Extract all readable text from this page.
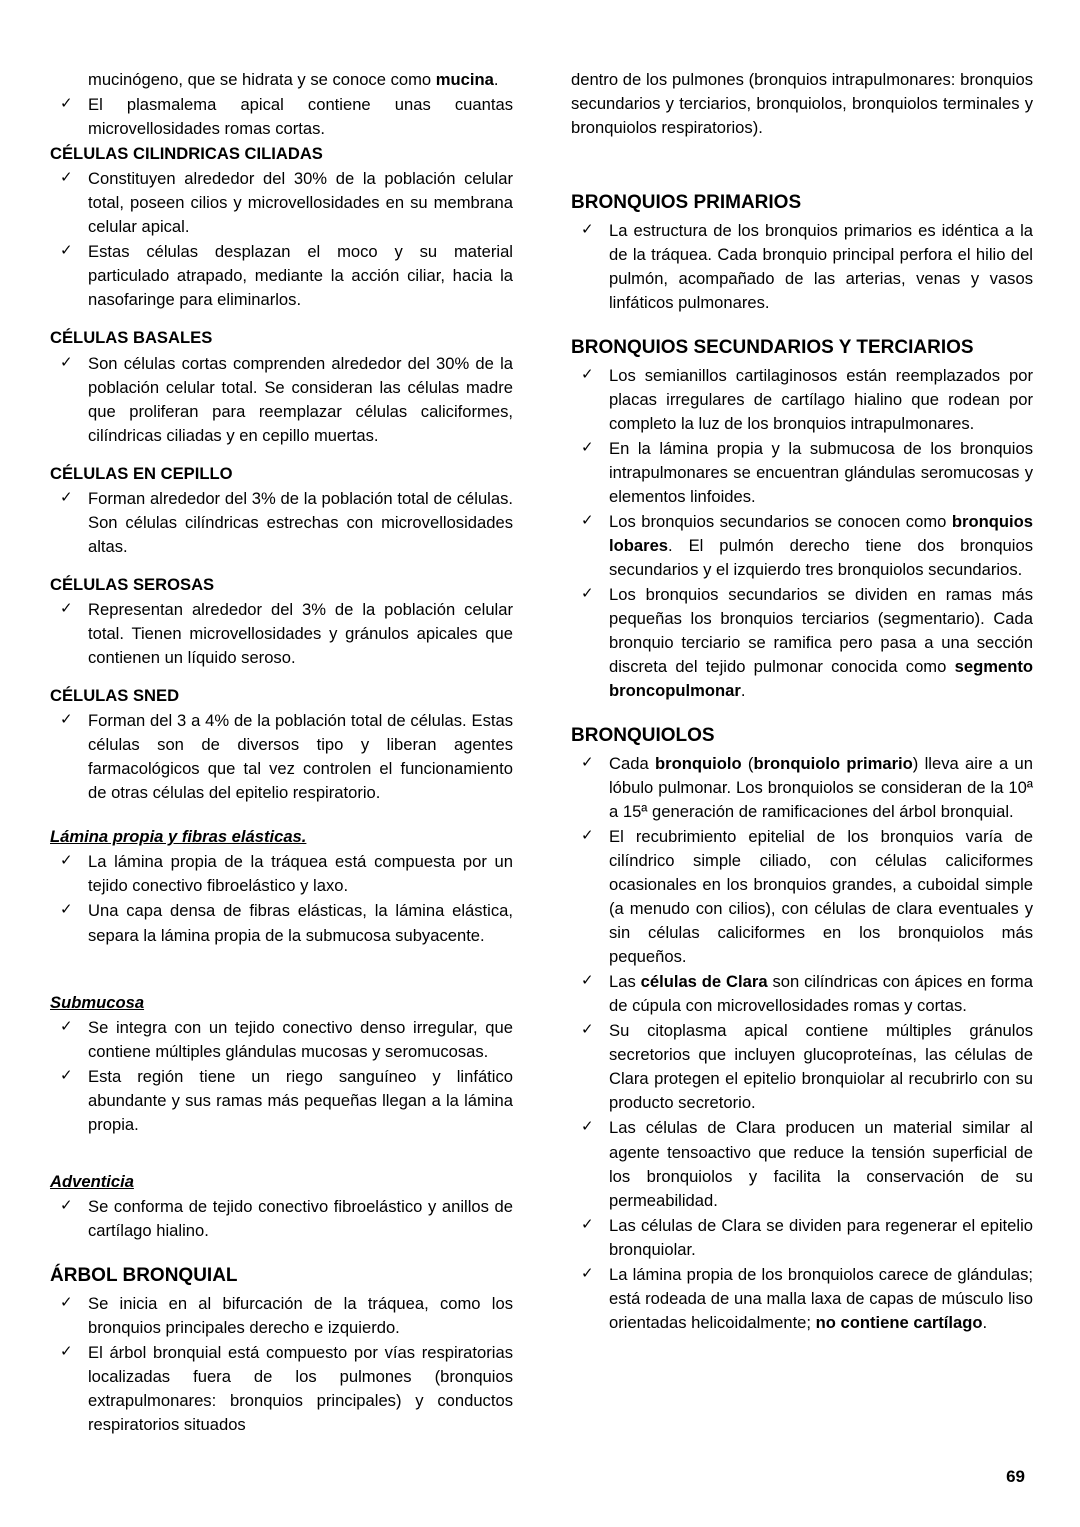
mucinógeno, que se hidrata y se conoce como mucina.
✓ El plasmalema apical contiene unas cuantas microvellosidades romas cortas.
CÉLULAS CILINDRICAS CILIADAS
✓ Constituyen alrededor del 30% de la población celular total, poseen cilios y microvellosidades en su membrana celular apical.
✓ Estas células desplazan el moco y su material particulado atrapado, mediante la acción ciliar, hacia la nasofaringe para eliminarlos.
CÉLULAS BASALES
✓ Son células cortas comprenden alrededor del 30% de la población celular total. Se consideran las células madre que proliferan para reemplazar células caliciformes, cilíndricas ciliadas y en cepillo muertas.
CÉLULAS EN CEPILLO
✓ Forman alrededor del 3% de la población total de células. Son células cilíndricas estrechas con microvellosidades altas.
CÉLULAS SEROSAS
✓ Representan alrededor del 3% de la población celular total. Tienen microvellosidades y gránulos apicales que contienen un líquido seroso.
CÉLULAS SNED
✓ Forman del 3 a 4% de la población total de células. Estas células son de diversos tipo y liberan agentes farmacológicos que tal vez controlen el funcionamiento de otras células del epitelio respiratorio.
Lámina propia y fibras elásticas.
✓ La lámina propia de la tráquea está compuesta por un tejido conectivo fibroelástico y laxo.
✓ Una capa densa de fibras elásticas, la lámina elástica, separa la lámina propia de la submucosa subyacente.
Submucosa
✓ Se integra con un tejido conectivo denso irregular, que contiene múltiples glándulas mucosas y seromucosas.
✓ Esta región tiene un riego sanguíneo y linfático abundante y sus ramas más pequeñas llegan a la lámina propia.
Adventicia
✓ Se conforma de tejido conectivo fibroelástico y anillos de cartílago hialino.
ÁRBOL BRONQUIAL
✓ Se inicia en al bifurcación de la tráquea, como los bronquios principales derecho e izquierdo.
✓ El árbol bronquial está compuesto por vías respiratorias localizadas fuera de los pulmones (bronquios extrapulmonares: bronquios principales) y conductos respiratorios situados

dentro de los pulmones (bronquios intrapulmonares: bronquios secundarios y terciarios, bronquiolos, bronquiolos terminales y bronquiolos respiratorios).

BRONQUIOS PRIMARIOS
✓ La estructura de los bronquios primarios es idéntica a la de la tráquea. Cada bronquio principal perfora el hilio del pulmón, acompañado de las arterias, venas y vasos linfáticos pulmonares.
BRONQUIOS SECUNDARIOS Y TERCIARIOS
✓ Los semianillos cartilaginosos están reemplazados por placas irregulares de cartílago hialino que rodean por completo la luz de los bronquios intrapulmonares.
✓ En la lámina propia y la submucosa de los bronquios intrapulmonares se encuentran glándulas seromucosas y elementos linfoides.
✓ Los bronquios secundarios se conocen como bronquios lobares. El pulmón derecho tiene dos bronquios secundarios y el izquierdo tres bronquiolos secundarios.
✓ Los bronquios secundarios se dividen en ramas más pequeñas los bronquios terciarios (segmentario). Cada bronquio terciario se ramifica pero pasa a una sección discreta del tejido pulmonar conocida como segmento broncopulmonar.
BRONQUIOLOS
✓ Cada bronquiolo (bronquiolo primario) lleva aire a un lóbulo pulmonar. Los bronquiolos se consideran de la 10ª a 15ª generación de ramificaciones del árbol bronquial.
✓ El recubrimiento epitelial de los bronquios varía de cilíndrico simple ciliado, con células caliciformes ocasionales en los bronquios grandes, a cuboidal simple (a menudo con cilios), con células de clara eventuales y sin células caliciformes en los bronquiolos más pequeños.
✓ Las células de Clara son cilíndricas con ápices en forma de cúpula con microvellosidades romas y cortas.
✓ Su citoplasma apical contiene múltiples gránulos secretorios que incluyen glucoproteínas, las células de Clara protegen el epitelio bronquiolar al recubrirlo con su producto secretorio.
✓ Las células de Clara producen un material similar al agente tensoactivo que reduce la tensión superficial de los bronquiolos y facilita la conservación de su permeabilidad.
✓ Las células de Clara se dividen para regenerar el epitelio bronquiolar.
✓ La lámina propia de los bronquiolos carece de glándulas; está rodeada de una malla laxa de capas de músculo liso orientadas helicoidalmente; no contiene cartílago.
69
